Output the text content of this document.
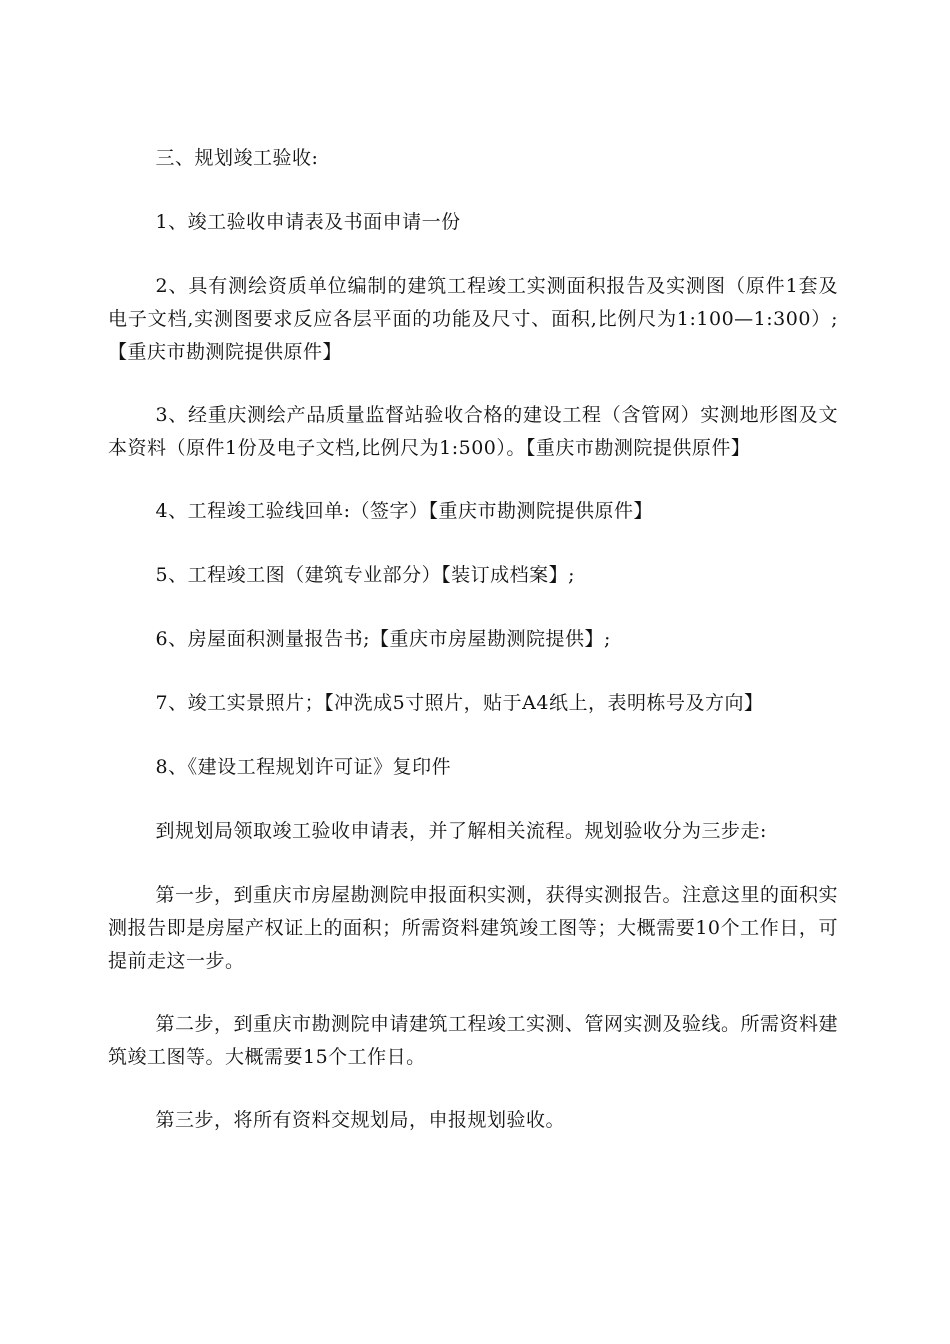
三、规划竣工验收:

1、竣工验收申请表及书面申请一份

2、具有测绘资质单位编制的建筑工程竣工实测面积报告及实测图（原件1套及电子文档,实测图要求反应各层平面的功能及尺寸、面积,比例尺为1:100—1:300）;【重庆市勘测院提供原件】

3、经重庆测绘产品质量监督站验收合格的建设工程（含管网）实测地形图及文本资料（原件1份及电子文档,比例尺为1:500）。【重庆市勘测院提供原件】

4、工程竣工验线回单:（签字）【重庆市勘测院提供原件】

5、工程竣工图（建筑专业部分）【装订成档案】;

6、房屋面积测量报告书;【重庆市房屋勘测院提供】;

7、竣工实景照片；【冲洗成5寸照片，贴于A4纸上，表明栋号及方向】

8、《建设工程规划许可证》复印件

到规划局领取竣工验收申请表，并了解相关流程。规划验收分为三步走:

第一步，到重庆市房屋勘测院申报面积实测，获得实测报告。注意这里的面积实测报告即是房屋产权证上的面积；所需资料建筑竣工图等；大概需要10个工作日，可提前走这一步。

第二步，到重庆市勘测院申请建筑工程竣工实测、管网实测及验线。所需资料建筑竣工图等。大概需要15个工作日。

第三步，将所有资料交规划局，申报规划验收。
